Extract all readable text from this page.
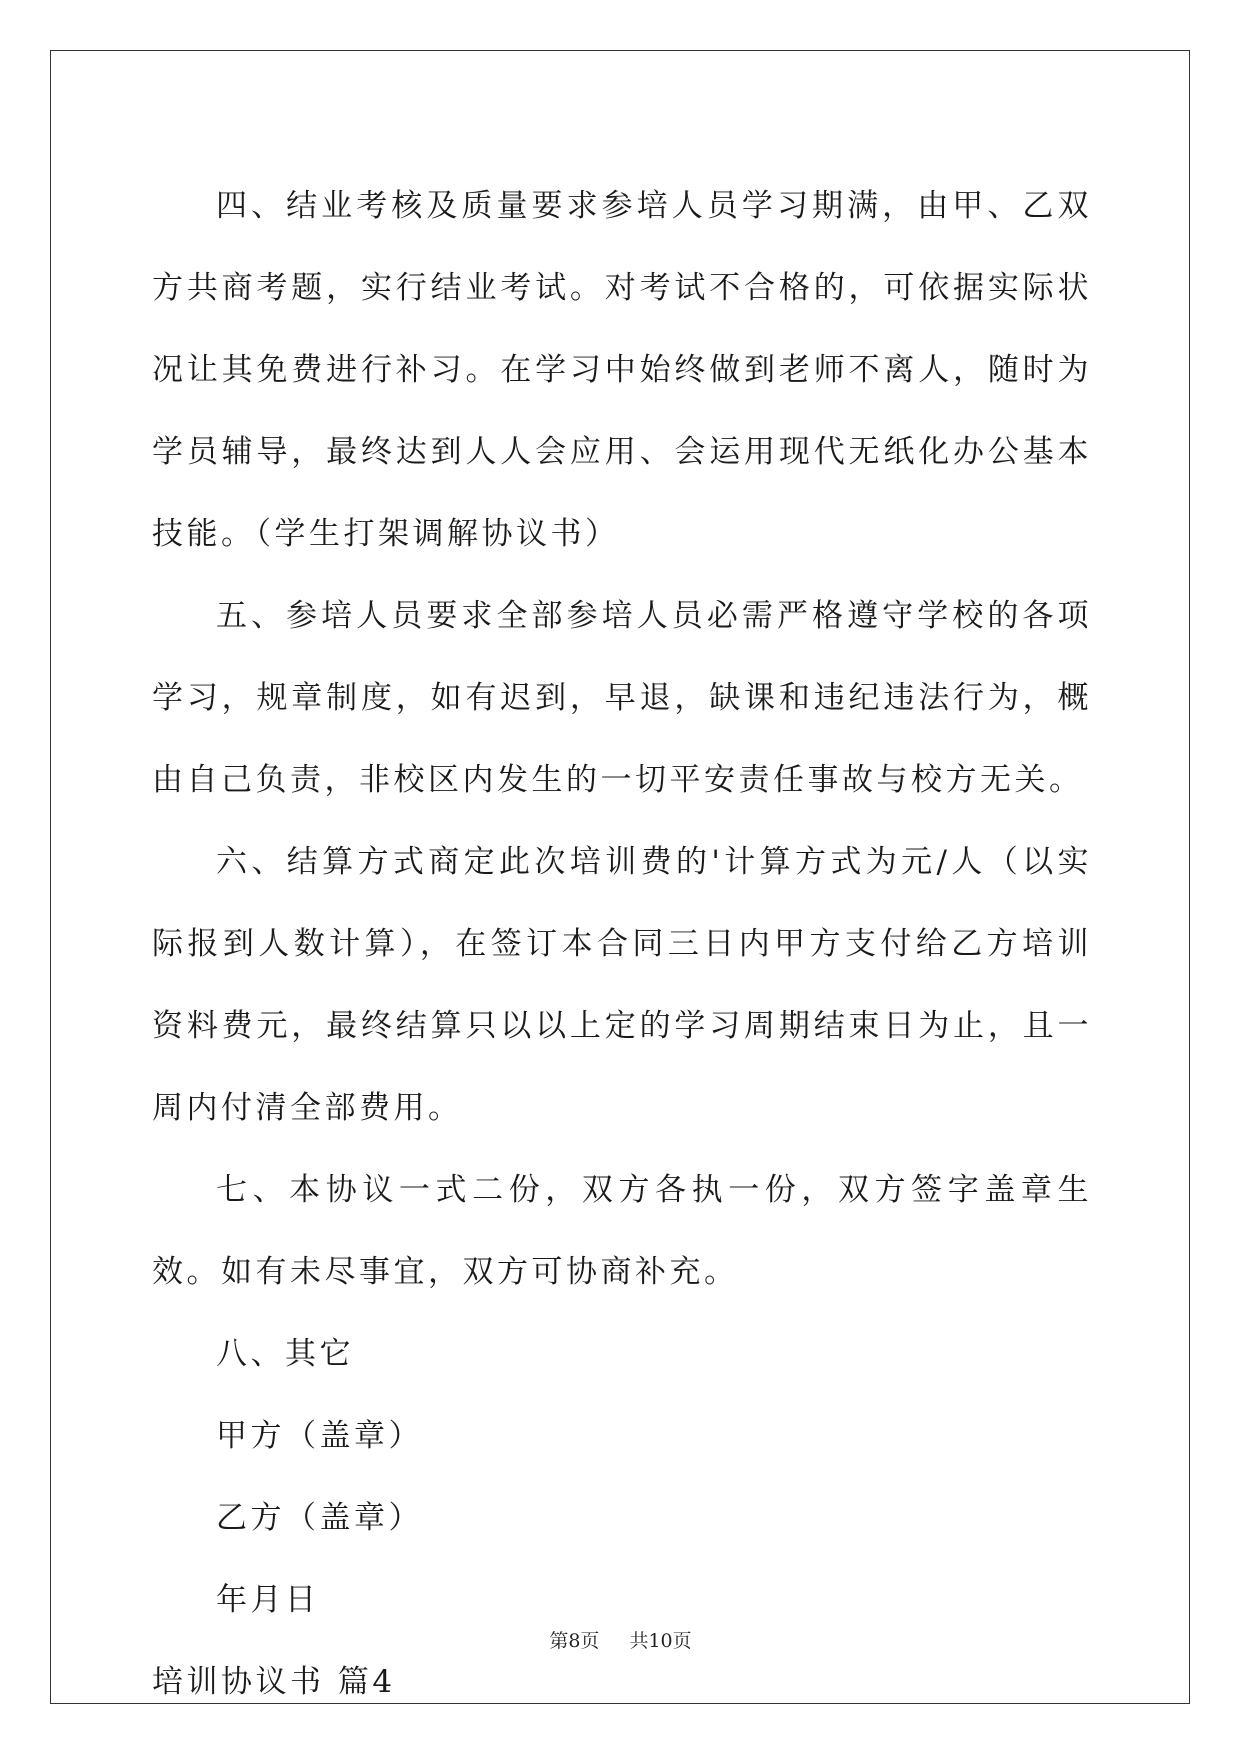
四、结业考核及质量要求参培人员学习期满，由甲、乙双方共商考题，实行结业考试。对考试不合格的，可依据实际状况让其免费进行补习。在学习中始终做到老师不离人，随时为学员辅导，最终达到人人会应用、会运用现代无纸化办公基本技能。（学生打架调解协议书）

五、参培人员要求全部参培人员必需严格遵守学校的各项学习，规章制度，如有迟到，早退，缺课和违纪违法行为，概由自己负责，非校区内发生的一切平安责任事故与校方无关。

六、结算方式商定此次培训费的'计算方式为元/人（以实际报到人数计算），在签订本合同三日内甲方支付给乙方培训资料费元，最终结算只以以上定的学习周期结束日为止，且一周内付清全部费用。

七、本协议一式二份，双方各执一份，双方签字盖章生效。如有未尽事宜，双方可协商补充。

八、其它

甲方（盖章）

乙方（盖章）

年月日

培训协议书 篇4

第8页 共10页
